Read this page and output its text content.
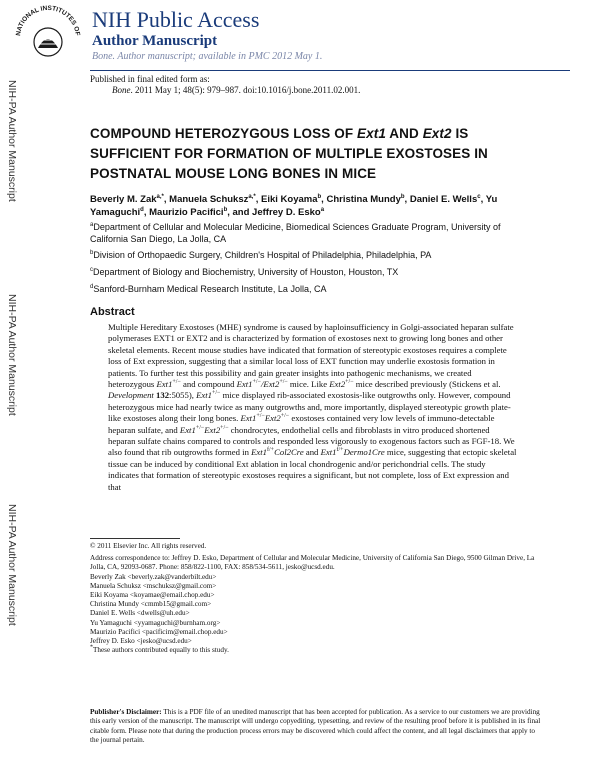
NATIONAL INSTITUTES OF
NIH Public Access
Author Manuscript
Bone. Author manuscript; available in PMC 2012 May 1.
Published in final edited form as:
Bone. 2011 May 1; 48(5): 979–987. doi:10.1016/j.bone.2011.02.001.
NIH-PA Author Manuscript
NIH-PA Author Manuscript
NIH-PA Author Manuscript
COMPOUND HETEROZYGOUS LOSS OF Ext1 AND Ext2 IS SUFFICIENT FOR FORMATION OF MULTIPLE EXOSTOSES IN POSTNATAL MOUSE LONG BONES IN MICE
Beverly M. Zak$^{a,*}$, Manuela Schuksz$^{a,*}$, Eiki Koyama$^b$, Christina Mundy$^b$, Daniel E. Wells$^c$, Yu Yamaguchi$^d$, Maurizio Pacifici$^b$, and Jeffrey D. Esko$^a$
$^a$Department of Cellular and Molecular Medicine, Biomedical Sciences Graduate Program, University of California San Diego, La Jolla, CA
$^b$Division of Orthopaedic Surgery, Children's Hospital of Philadelphia, Philadelphia, PA
$^c$Department of Biology and Biochemistry, University of Houston, Houston, TX
$^d$Sanford-Burnham Medical Research Institute, La Jolla, CA
Abstract
Multiple Hereditary Exostoses (MHE) syndrome is caused by haploinsufficiency in Golgi-associated heparan sulfate polymerases EXT1 or EXT2 and is characterized by formation of exostoses next to growing long bones and other skeletal elements. Recent mouse studies have indicated that formation of stereotypic exostoses requires a complete loss of Ext expression, suggesting that a similar local loss of EXT function may underlie exostosis formation in patients. To further test this possibility and gain greater insights into pathogenic mechanisms, we created heterozygous Ext1+/− and compound Ext1+/−/Ext2+/− mice. Like Ext2+/− mice described previously (Stickens et al. Development 132:5055), Ext1+/− mice displayed rib-associated exostosis-like outgrowths only. However, compound heterozygous mice had nearly twice as many outgrowths and, more importantly, displayed stereotypic growth plate-like exostoses along their long bones. Ext1+/−Ext2+/− exostoses contained very low levels of immuno-detectable heparan sulfate, and Ext1+/−Ext2+/− chondrocytes, endothelial cells and fibroblasts in vitro produced shortened heparan sulfate chains compared to controls and responded less vigorously to exogenous factors such as FGF-18. We also found that rib outgrowths formed in $Ext1^{f/+}Col2Cre$ and $Ext1^{f/+}Dermo1Cre$ mice, suggesting that ectopic skeletal tissue can be induced by conditional Ext ablation in local chondrogenic and/or perichondrial cells. The study indicates that formation of stereotypic exostoses requires a significant, but not complete, loss of Ext expression and that
© 2011 Elsevier Inc. All rights reserved.
Address correspondence to: Jeffrey D. Esko, Department of Cellular and Molecular Medicine, University of California San Diego, 9500 Gilman Drive, La Jolla, CA, 92093-0687. Phone: 858/822-1100, FAX: 858/534-5611, jesko@ucsd.edu.
Beverly Zak <beverly.zak@vanderbilt.edu>
Manuela Schuksz <mschuksz@gmail.com>
Eiki Koyama <koyamae@email.chop.edu>
Christina Mundy <cmmb15@gmail.com>
Daniel E. Wells <dwells@uh.edu>
Yu Yamaguchi <yyamaguchi@burnham.org>
Maurizio Pacifici <pacificim@email.chop.edu>
Jeffrey D. Esko <jesko@ucsd.edu>
*These authors contributed equally to this study.
Publisher's Disclaimer: This is a PDF file of an unedited manuscript that has been accepted for publication. As a service to our customers we are providing this early version of the manuscript. The manuscript will undergo copyediting, typesetting, and review of the resulting proof before it is published in its final citable form. Please note that during the production process errors may be discovered which could affect the content, and all legal disclaimers that apply to the journal pertain.
